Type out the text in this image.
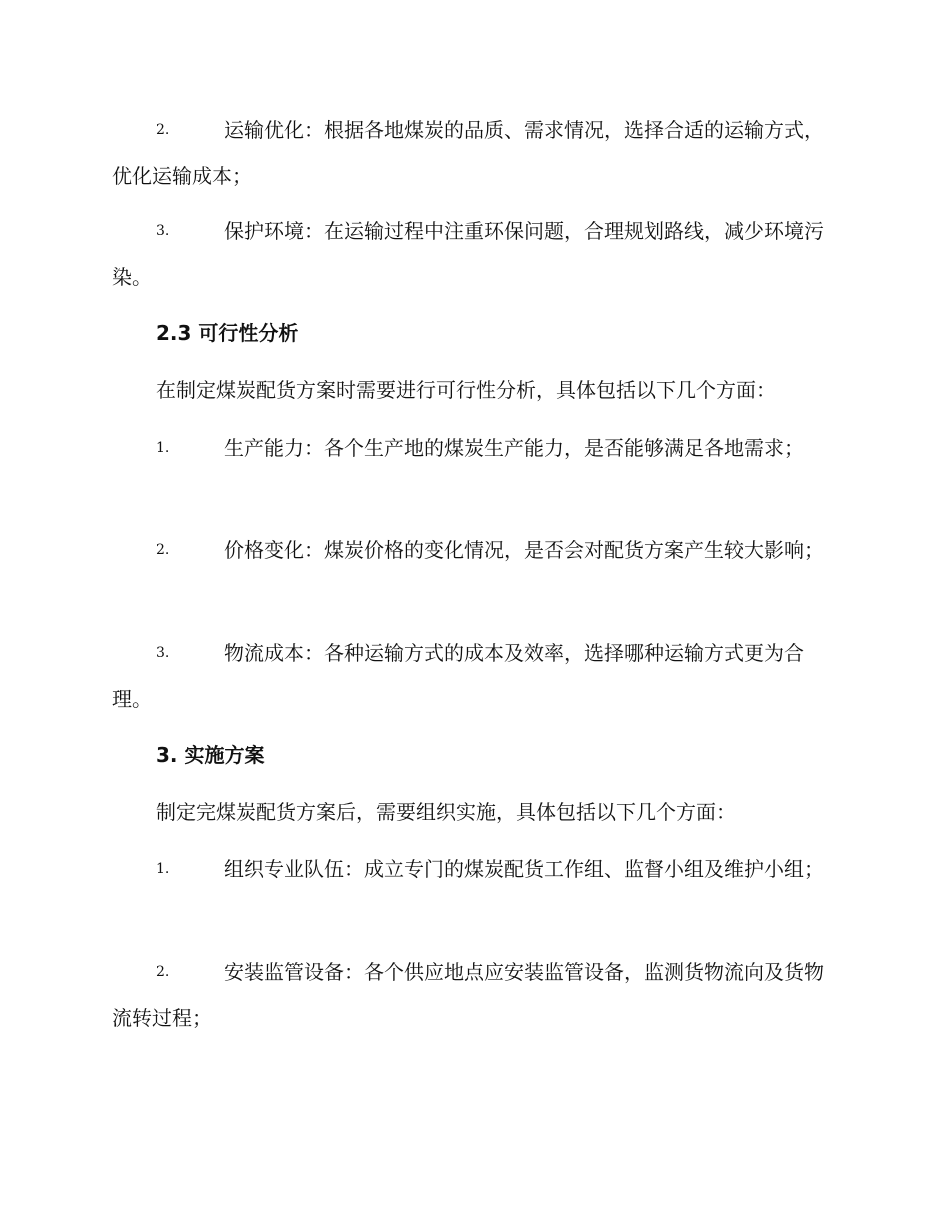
2.	运输优化：根据各地煤炭的品质、需求情况，选择合适的运输方式，优化运输成本；
3.	保护环境：在运输过程中注重环保问题，合理规划路线，减少环境污染。
2.3 可行性分析
在制定煤炭配货方案时需要进行可行性分析，具体包括以下几个方面：
1.	生产能力：各个生产地的煤炭生产能力，是否能够满足各地需求；
2.	价格变化：煤炭价格的变化情况，是否会对配货方案产生较大影响；
3.	物流成本：各种运输方式的成本及效率，选择哪种运输方式更为合理。
3. 实施方案
制定完煤炭配货方案后，需要组织实施，具体包括以下几个方面：
1.	组织专业队伍：成立专门的煤炭配货工作组、监督小组及维护小组；
2.	安装监管设备：各个供应地点应安装监管设备，监测货物流向及货物流转过程；
